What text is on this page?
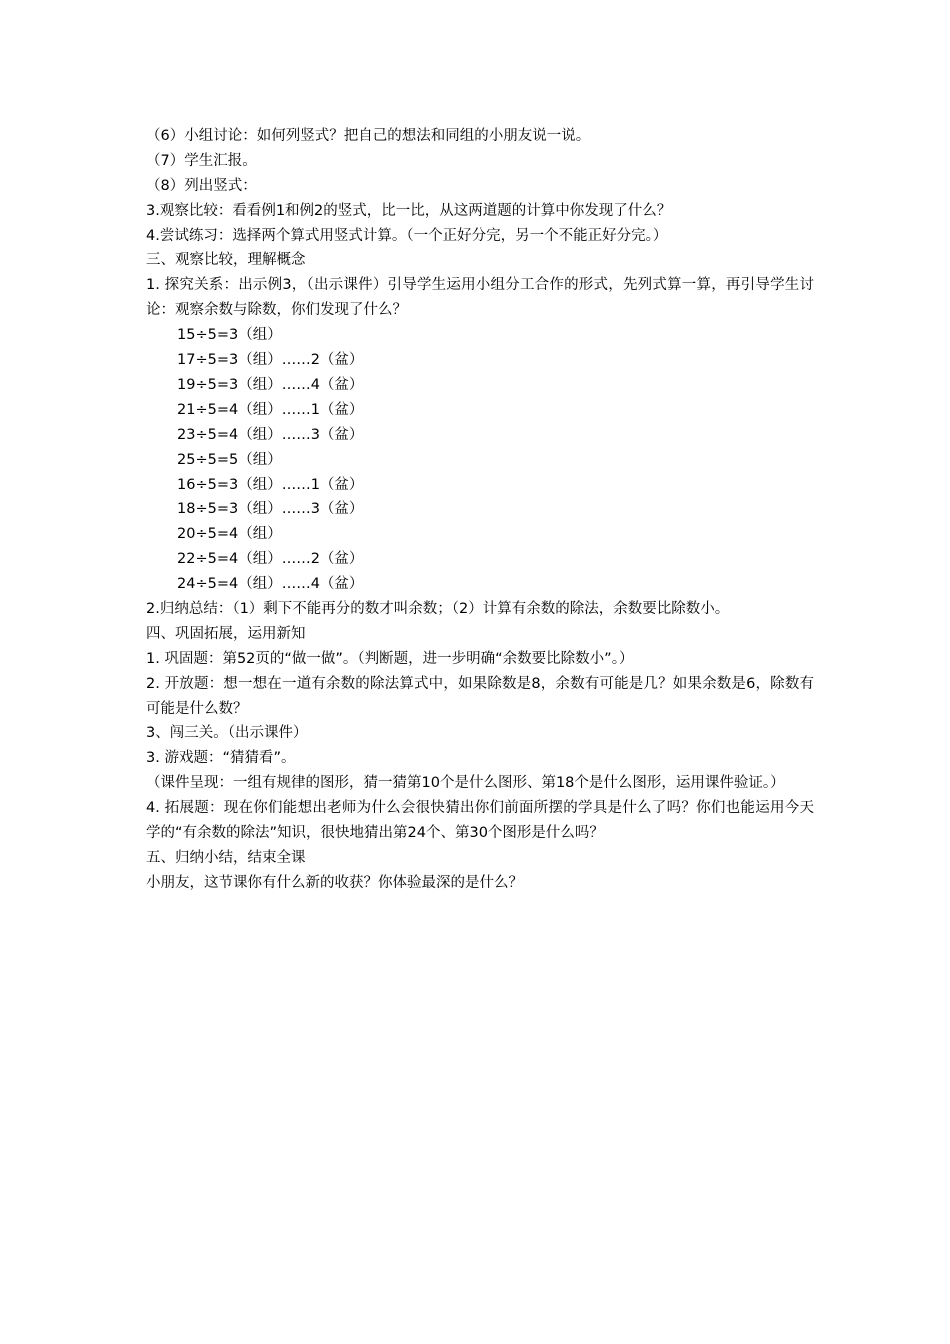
（6）小组讨论：如何列竖式？把自己的想法和同组的小朋友说一说。
（7）学生汇报。
（8）列出竖式：
3.观察比较：看看例1和例2的竖式，比一比，从这两道题的计算中你发现了什么？
4.尝试练习：选择两个算式用竖式计算。（一个正好分完，另一个不能正好分完。）
三、观察比较，理解概念
1. 探究关系：出示例3，（出示课件）引导学生运用小组分工合作的形式，先列式算一算，再引导学生讨论：观察余数与除数，你们发现了什么？
15÷5=3（组）
17÷5=3（组）……2（盆）
19÷5=3（组）……4（盆）
21÷5=4（组）……1（盆）
23÷5=4（组）……3（盆）
25÷5=5（组）
16÷5=3（组）……1（盆）
18÷5=3（组）……3（盆）
20÷5=4（组）
22÷5=4（组）……2（盆）
24÷5=4（组）……4（盆）
2.归纳总结：（1）剩下不能再分的数才叫余数；（2）计算有余数的除法，余数要比除数小。
四、巩固拓展，运用新知
1. 巩固题：第52页的“做一做”。（判断题，进一步明确“余数要比除数小”。）
2. 开放题：想一想在一道有余数的除法算式中，如果除数是8，余数有可能是几？如果余数是6，除数有可能是什么数？
3、闯三关。（出示课件）
3. 游戏题：“猜猜看”。
（课件呈现：一组有规律的图形，猜一猜第10个是什么图形、第18个是什么图形，运用课件验证。）
4. 拓展题：现在你们能想出老师为什么会很快猜出你们前面所摆的学具是什么了吗？你们也能运用今天学的“有余数的除法”知识，很快地猜出第24个、第30个图形是什么吗？
五、归纳小结，结束全课
小朋友，这节课你有什么新的收获？你体验最深的是什么？
